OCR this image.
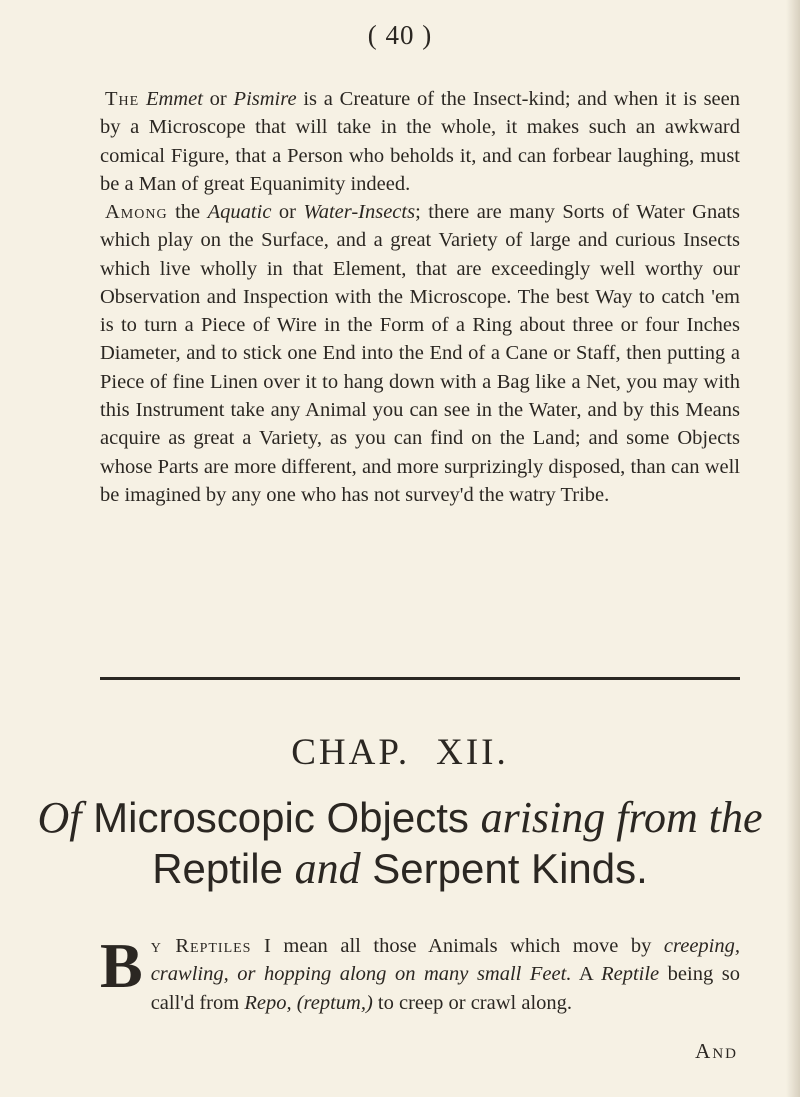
( 40 )

The Emmet or Pismire is a Creature of the Insect-kind; and when it is seen by a Microscope that will take in the whole, it makes such an awkward comical Figure, that a Person who beholds it, and can forbear laughing, must be a Man of great Equanimity indeed.

Among the Aquatic or Water-Insects; there are many Sorts of Water Gnats which play on the Surface, and a great Variety of large and curious Insects which live wholly in that Element, that are exceedingly well worthy our Observation and Inspection with the Microscope. The best Way to catch 'em is to turn a Piece of Wire in the Form of a Ring about three or four Inches Diameter, and to stick one End into the End of a Cane or Staff, then putting a Piece of fine Linen over it to hang down with a Bag like a Net, you may with this Instrument take any Animal you can see in the Water, and by this Means acquire as great a Variety, as you can find on the Land; and some Objects whose Parts are more different, and more surprizingly disposed, than can well be imagined by any one who has not survey'd the watry Tribe.

CHAP. XII.
Of Microscopic Objects arising from the
Reptile and Serpent Kinds.

By Reptiles I mean all those Animals which move by creeping, crawling, or hopping along on many small Feet. A Reptile being so call'd from Repo, (reptum,) to creep or crawl along.

And
